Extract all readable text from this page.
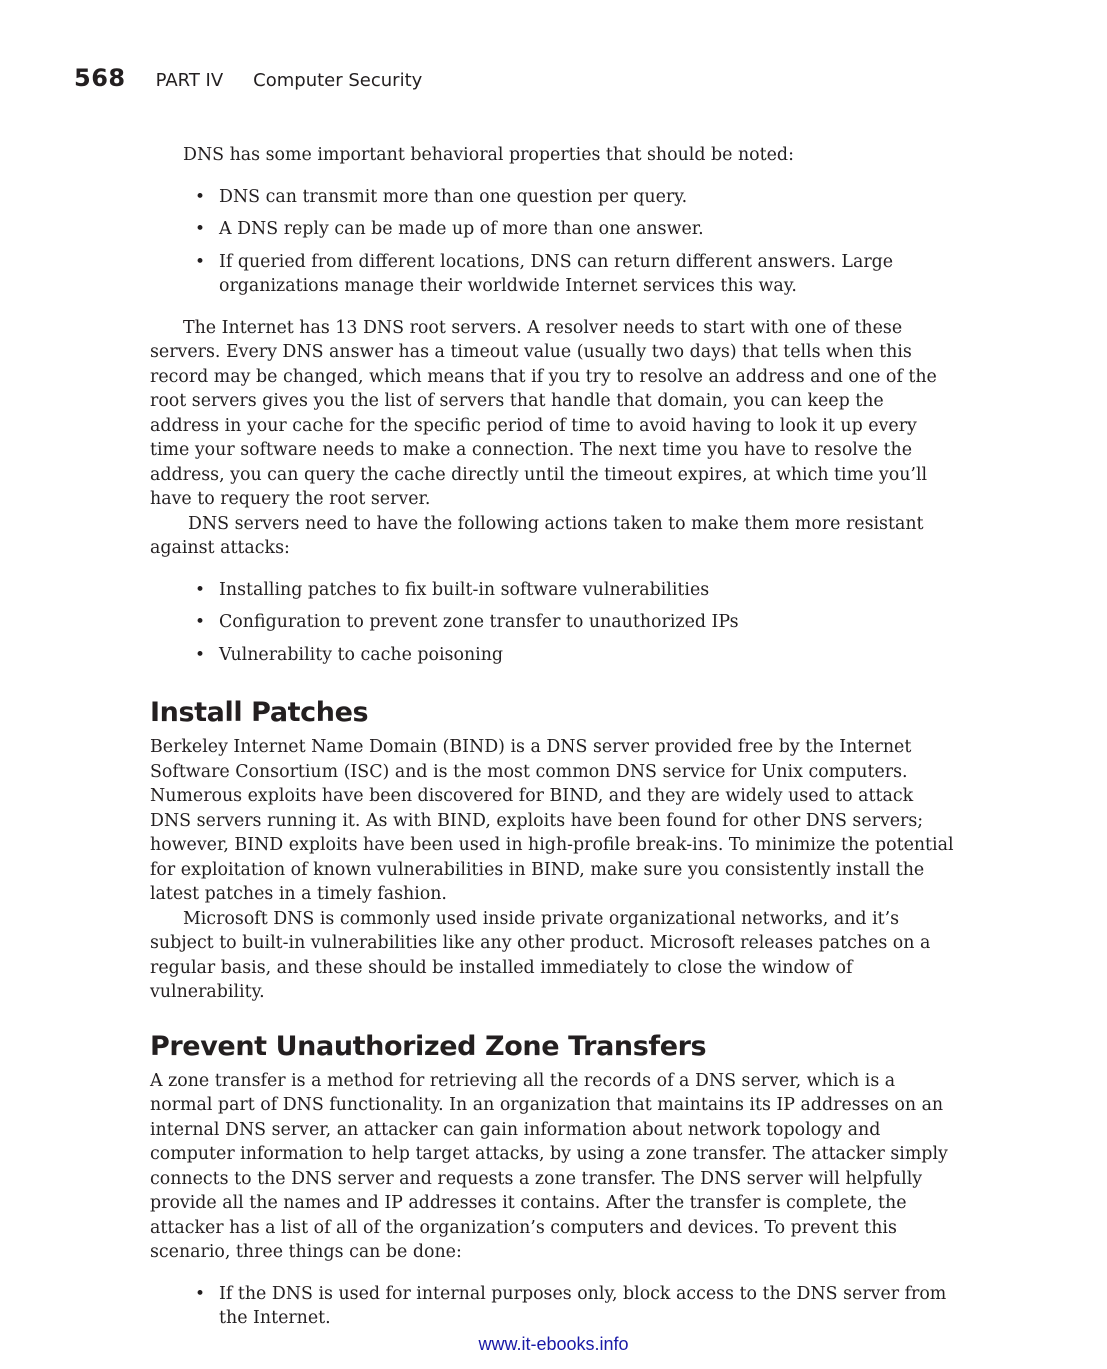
568 PART IV Computer Security

DNS has some important behavioral properties that should be noted:

• DNS can transmit more than one question per query.
• A DNS reply can be made up of more than one answer.
• If queried from different locations, DNS can return different answers. Large organizations manage their worldwide Internet services this way.

The Internet has 13 DNS root servers. A resolver needs to start with one of these servers. Every DNS answer has a timeout value (usually two days) that tells when this record may be changed, which means that if you try to resolve an address and one of the root servers gives you the list of servers that handle that domain, you can keep the address in your cache for the specific period of time to avoid having to look it up every time your software needs to make a connection. The next time you have to resolve the address, you can query the cache directly until the timeout expires, at which time you’ll have to requery the root server.

DNS servers need to have the following actions taken to make them more resistant against attacks:

• Installing patches to fix built-in software vulnerabilities
• Configuration to prevent zone transfer to unauthorized IPs
• Vulnerability to cache poisoning
Install Patches

Berkeley Internet Name Domain (BIND) is a DNS server provided free by the Internet Software Consortium (ISC) and is the most common DNS service for Unix computers. Numerous exploits have been discovered for BIND, and they are widely used to attack DNS servers running it. As with BIND, exploits have been found for other DNS servers; however, BIND exploits have been used in high-profile break-ins. To minimize the potential for exploitation of known vulnerabilities in BIND, make sure you consistently install the latest patches in a timely fashion.

Microsoft DNS is commonly used inside private organizational networks, and it’s subject to built-in vulnerabilities like any other product. Microsoft releases patches on a regular basis, and these should be installed immediately to close the window of vulnerability.

Prevent Unauthorized Zone Transfers

A zone transfer is a method for retrieving all the records of a DNS server, which is a normal part of DNS functionality. In an organization that maintains its IP addresses on an internal DNS server, an attacker can gain information about network topology and computer information to help target attacks, by using a zone transfer. The attacker simply connects to the DNS server and requests a zone transfer. The DNS server will helpfully provide all the names and IP addresses it contains. After the transfer is complete, the attacker has a list of all of the organization’s computers and devices. To prevent this scenario, three things can be done:

• If the DNS is used for internal purposes only, block access to the DNS server from the Internet.
www.it-ebooks.info
